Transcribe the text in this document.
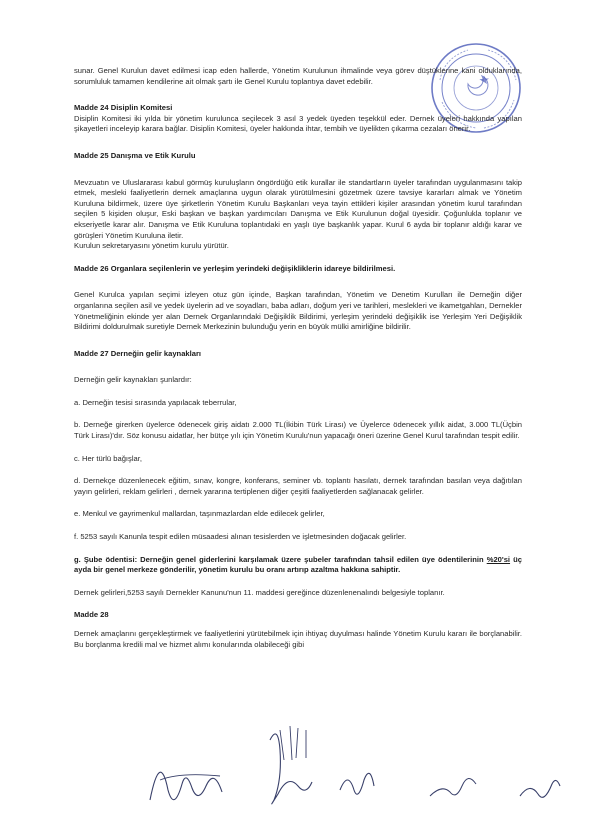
sunar. Genel Kurulun davet edilmesi icap eden hallerde, Yönetim Kurulunun ihmalinde veya görev düştüklerine kani olduklarında, sorumluluk tamamen kendilerine ait olmak şartı ile Genel Kurulu toplantıya davet edebilir.

Madde 24 Disiplin Komitesi

Disiplin Komitesi iki yılda bir yönetim kurulunca seçilecek 3 asıl 3 yedek üyeden teşekkül eder. Dernek üyeleri hakkında yapılan şikayetleri inceleyip karara bağlar. Disiplin Komitesi, üyeler hakkında ihtar, tembih ve üyelikten çıkarma cezaları önerir.

Madde 25 Danışma ve Etik Kurulu

Mevzuatın ve Uluslararası kabul görmüş kuruluşların öngördüğü etik kurallar ile standartların üyeler tarafından uygulanmasını takip etmek, mesleki faaliyetlerin dernek amaçlarına uygun olarak yürütülmesini gözetmek üzere tavsiye kararları almak ve Yönetim Kuruluna bildirmek, üzere üye şirketlerin Yönetim Kurulu Başkanları veya tayin ettikleri kişiler arasından yönetim kurul tarafından seçilen 5 kişiden oluşur, Eski başkan ve başkan yardımcıları Danışma ve Etik Kurulunun doğal üyesidir. Çoğunlukla toplanır ve ekseriyetle karar alır. Danışma ve Etik Kuruluna toplantıdaki en yaşlı üye başkanlık yapar. Kurul 6 ayda bir toplanır aldığı karar ve görüşleri Yönetim Kuruluna iletir.

Kurulun sekretaryasını yönetim kurulu yürütür.

Madde 26 Organlara seçilenlerin ve yerleşim yerindeki değişikliklerin idareye bildirilmesi.

Genel Kurulca yapılan seçimi izleyen otuz gün içinde, Başkan tarafından, Yönetim ve Denetim Kurulları ile Derneğin diğer organlarına seçilen asil ve yedek üyelerin ad ve soyadları, baba adları, doğum yeri ve tarihleri, meslekleri ve ikametgahları, Dernekler Yönetmeliğinin ekinde yer alan Dernek Organlarındaki Değişiklik Bildirimi, yerleşim yerindeki değişiklik ise Yerleşim Yeri Değişiklik Bildirimi doldurulmak suretiyle Dernek Merkezinin bulunduğu yerin en büyük mülki amirliğine bildirilir.

Madde 27 Derneğin gelir kaynakları

Derneğin gelir kaynakları şunlardır:

a. Derneğin tesisi sırasında yapılacak teberrular,

b. Derneğe girerken üyelerce ödenecek giriş aidatı 2.000 TL(İkibin Türk Lirası) ve Üyelerce ödenecek yıllık aidat, 3.000 TL(Üçbin Türk Lirası)'dır. Söz konusu aidatlar, her bütçe yılı için Yönetim Kurulu'nun yapacağı öneri üzerine Genel Kurul tarafından tespit edilir.

c. Her türlü bağışlar,

d. Dernekçe düzenlenecek eğitim, sınav, kongre, konferans, seminer vb. toplantı hasılatı, dernek tarafından basılan veya dağıtılan yayın gelirleri, reklam gelirleri , dernek yararına tertiplenen diğer çeşitli faaliyetlerden sağlanacak gelirler.

e. Menkul ve gayrimenkul mallardan, taşınmazlardan elde edilecek gelirler,

f. 5253 sayılı Kanunla tespit edilen müsaadesi alınan tesislerden ve işletmesinden doğacak gelirler.

g. Şube ödentisi: Derneğin genel giderlerini karşılamak üzere şubeler tarafından tahsil edilen üye ödentilerinin %20'si üç ayda bir genel merkeze gönderilir, yönetim kurulu bu oranı artırıp azaltma hakkına sahiptir.

Dernek gelirleri,5253 sayılı Dernekler Kanunu'nun 11. maddesi gereğince düzenlenenalındı belgesiyle toplanır.

Madde 28

Dernek amaçlarını gerçekleştirmek ve faaliyetlerini yürütebilmek için ihtiyaç duyulması halinde Yönetim Kurulu kararı ile borçlanabilir. Bu borçlanma kredili mal ve hizmet alımı konularında olabileceği gibi
